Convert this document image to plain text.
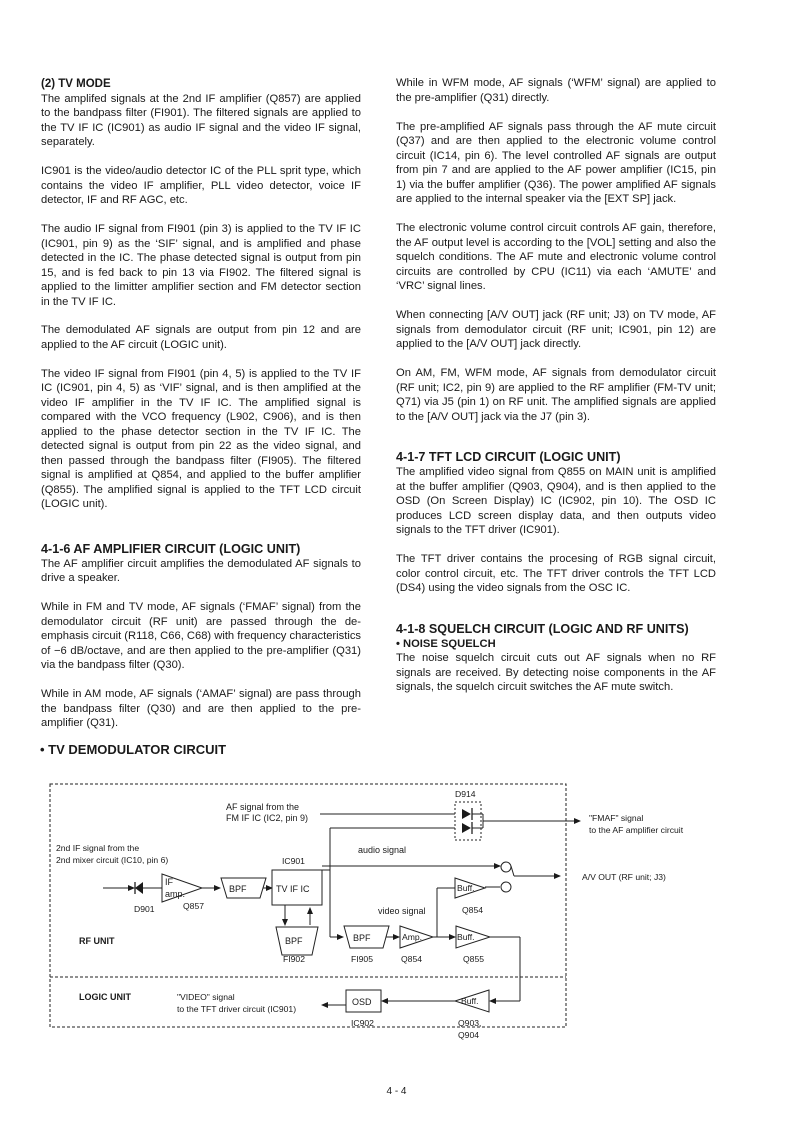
(2) TV MODE

The amplifed signals at the 2nd IF amplifier (Q857) are applied to the bandpass filter (FI901). The filtered signals are applied to the TV IF IC (IC901) as audio IF signal and the video IF signal, separately.

IC901 is the video/audio detector IC of the PLL sprit type, which contains the video IF amplifier, PLL video detector, voice IF detector, IF and RF AGC, etc.

The audio IF signal from FI901 (pin 3) is applied to the TV IF IC (IC901, pin 9) as the ‘SIF’ signal, and is amplified and phase detected in the IC. The phase detected signal is output from pin 15, and is fed back to pin 13 via FI902. The filtered signal is applied to the limitter amplifier section and FM detector section in the TV IF IC.

The demodulated AF signals are output from pin 12 and are applied to the AF circuit (LOGIC unit).

The video IF signal from FI901 (pin 4, 5) is applied to the TV IF IC (IC901, pin 4, 5) as ‘VIF’ signal, and is then amplified at the video IF amplifier in the TV IF IC. The amplified signal is compared with the VCO frequency (L902, C906), and is then applied to the phase detector section in the TV IF IC. The detected signal is output from pin 22 as the video signal, and then passed through the bandpass filter (FI905). The filtered signal is amplified at Q854, and applied to the buffer amplifier (Q855). The amplified signal is applied to the TFT LCD circuit (LOGIC unit).

4-1-6 AF AMPLIFIER CIRCUIT (LOGIC UNIT)

The AF amplifier circuit amplifies the demodulated AF signals to drive a speaker.

While in FM and TV mode, AF signals (‘FMAF’ signal) from the demodulator circuit (RF unit) are passed through the de-emphasis circuit (R118, C66, C68) with frequency characteristics of −6 dB/octave, and are then applied to the pre-amplifier (Q31) via the bandpass filter (Q30).

While in AM mode, AF signals (‘AMAF’ signal) are pass through the bandpass filter (Q30) and are then applied to the pre-amplifier (Q31).

While in WFM mode, AF signals (‘WFM’ signal) are applied to the pre-amplifier (Q31) directly.

The pre-amplified AF signals pass through the AF mute circuit (Q37) and are then applied to the electronic volume control circuit (IC14, pin 6). The level controlled AF signals are output from pin 7 and are applied to the AF power amplifier (IC15, pin 1) via the buffer amplifier (Q36). The power amplified AF signals are applied to the internal speaker via the [EXT SP] jack.

The electronic volume control circuit controls AF gain, therefore, the AF output level is according to the [VOL] setting and also the squelch conditions. The AF mute and electronic volume control circuits are controlled by CPU (IC11) via each ‘AMUTE’ and ‘VRC’ signal lines.

When connecting [A/V OUT] jack (RF unit; J3) on TV mode, AF signals from demodulator circuit (RF unit; IC901, pin 12) are applied to the [A/V OUT] jack directly.

On AM, FM, WFM mode, AF signals from demodulator circuit (RF unit; IC2, pin 9) are applied to the RF amplifier (FM-TV unit; Q71) via J5 (pin 1) on RF unit. The amplified signals are applied to the [A/V OUT] jack via the J7 (pin 3).

4-1-7 TFT LCD CIRCUIT (LOGIC UNIT)

The amplified video signal from Q855 on MAIN unit is amplified at the buffer amplifier (Q903, Q904), and is then applied to the OSD (On Screen Display) IC (IC902, pin 10). The OSD IC produces LCD screen display data, and then outputs video signals to the TFT driver (IC901).

The TFT driver contains the procesing of RGB signal circuit, color control circuit, etc. The TFT driver controls the TFT LCD (DS4) using the video signals from the OSC IC.

4-1-8 SQUELCH CIRCUIT (LOGIC AND RF UNITS)
• NOISE SQUELCH

The noise squelch circuit cuts out AF signals when no RF signals are received. By detecting noise components in the AF signals, the squelch circuit switches the AF mute switch.

• TV DEMODULATOR CIRCUIT
AF signal from the
FM IF IC (IC2, pin 9)
D914
"FMAF" signal
to the AF amplifier circuit
2nd IF signal from the
2nd mixer circuit (IC10, pin 6)
D901
IF
amp.
Q857
BPF
IC901
TV IF IC
audio signal
A/V OUT (RF unit; J3)
Buff.
Q854
video signal
BPF
FI902
BPF
FI905
Amp.
Q854
Buff.
Q855
RF UNIT
LOGIC UNIT	Buff.
Q903,
Q904
OSD
IC902
"VIDEO" signal
to the TFT driver circuit (IC901)
4 - 4
